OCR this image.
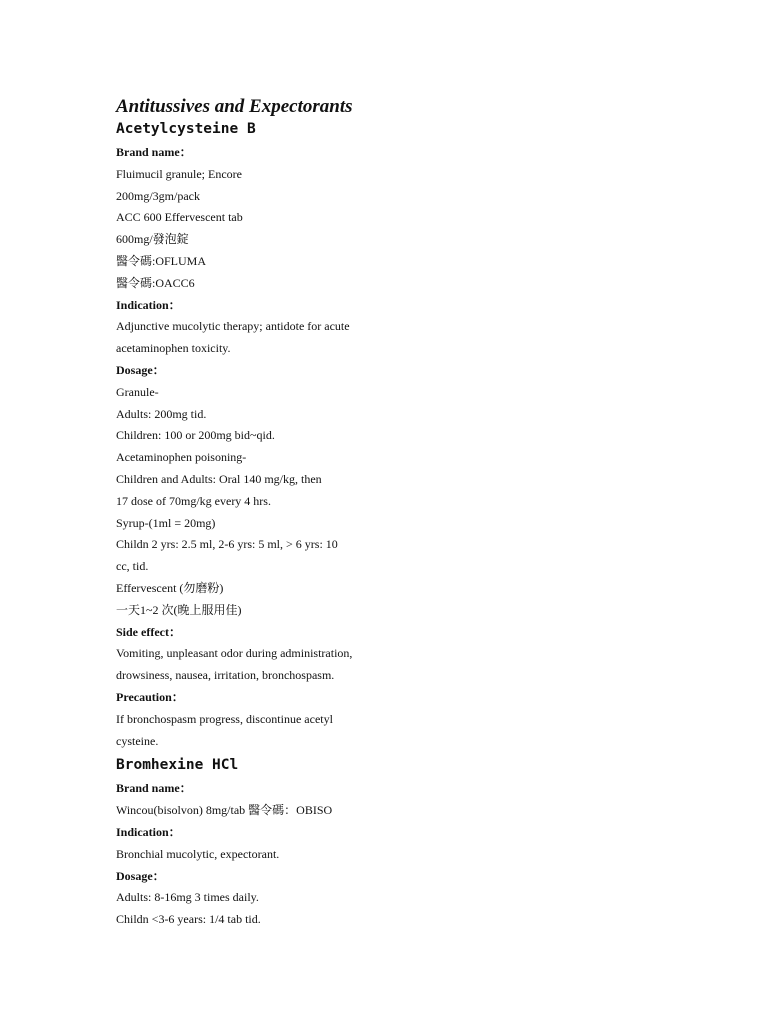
Antitussives and Expectorants
Acetylcysteine B

Brand name：

Fluimucil granule; Encore

200mg/3gm/pack

ACC 600 Effervescent tab

600mg/發泡錠

醫令碼:OFLUMA

醫令碼:OACC6

Indication：

Adjunctive mucolytic therapy; antidote for acute

acetaminophen toxicity.

Dosage：

Granule-

Adults: 200mg tid.

Children: 100 or 200mg bid~qid.

Acetaminophen poisoning-

Children and Adults: Oral 140 mg/kg, then

17 dose of 70mg/kg every 4 hrs.

Syrup-(1ml = 20mg)

Childn 2 yrs: 2.5 ml, 2-6 yrs: 5 ml, > 6 yrs: 10

cc, tid.

Effervescent (勿磨粉)

一天1~2 次(晚上服用佳)

Side effect：

Vomiting, unpleasant odor during administration,

drowsiness, nausea, irritation, bronchospasm.

Precaution：

If bronchospasm progress, discontinue acetyl

cysteine.

Bromhexine HCl

Brand name：

Wincou(bisolvon) 8mg/tab 醫令碼：OBISO

Indication：

Bronchial mucolytic, expectorant.

Dosage：

Adults: 8-16mg 3 times daily.

Childn <3-6 years: 1/4 tab tid.
